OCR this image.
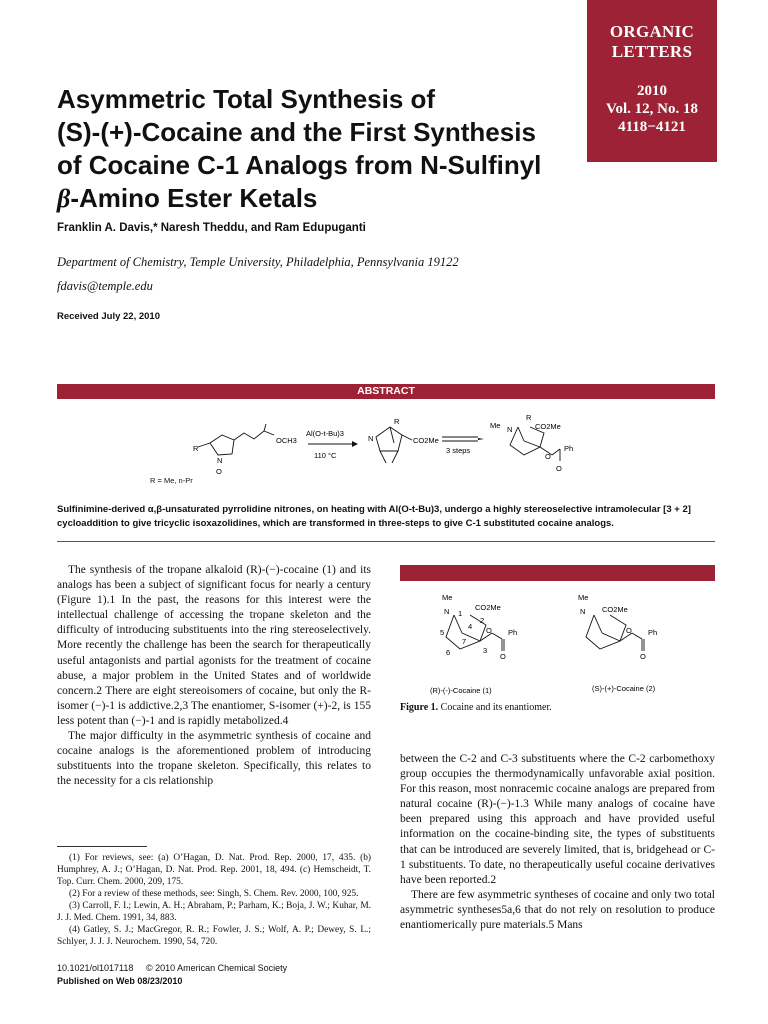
ORGANIC
LETTERS
2010
Vol. 12, No. 18
4118−4121
Asymmetric Total Synthesis of
(S)-(+)-Cocaine and the First Synthesis
of Cocaine C-1 Analogs from N-Sulfinyl
β-Amino Ester Ketals
Franklin A. Davis,* Naresh Theddu, and Ram Edupuganti
Department of Chemistry, Temple University, Philadelphia, Pennsylvania 19122
fdavis@temple.edu
Received July 22, 2010
ABSTRACT
R
N
O
OCH3
Al(O-t-Bu)3
110 °C
N
R
CO2Me
3 steps
Me N
R
CO2Me
O
Ph
O
R = Me, n-Pr
Sulfinimine-derived α,β-unsaturated pyrrolidine nitrones, on heating with Al(O-t-Bu)3, undergo a highly stereoselective intramolecular [3 + 2] cycloaddition to give tricyclic isoxazolidines, which are transformed in three-steps to give C-1 substituted cocaine analogs.

The synthesis of the tropane alkaloid (R)-(−)-cocaine (1) and its analogs has been a subject of significant focus for nearly a century (Figure 1).1 In the past, the reasons for this interest were the intellectual challenge of accessing the tropane skeleton and the difficulty of introducing substituents into the ring stereoselectively. More recently the challenge has been the search for therapeutically useful antagonists and partial agonists for the treatment of cocaine abuse, a major problem in the United States and of worldwide concern.2 There are eight stereoisomers of cocaine, but only the R-isomer (−)-1 is addictive.2,3 The enantiomer, S-isomer (+)-2, is 155 less potent than (−)-1 and is rapidly metabolized.4

The major difficulty in the asymmetric synthesis of cocaine and cocaine analogs is the aforementioned problem of introducing substituents into the tropane skeleton. Specifically, this relates to the necessity for a cis relationship

Me
N	CO2Me
1
2
4
5
7
6	3
O Ph
O
Me
N CO2Me
O Ph
O
(R)-(-)-Cocaine (1)	(S)-(+)-Cocaine (2)
Figure 1. Cocaine and its enantiomer.

between the C-2 and C-3 substituents where the C-2 carbomethoxy group occupies the thermodynamically unfavorable axial position. For this reason, most nonracemic cocaine analogs are prepared from natural cocaine (R)-(−)-1.3 While many analogs of cocaine have been prepared using this approach and have provided useful information on the cocaine-binding site, the types of substituents that can be introduced are severely limited, that is, bridgehead or C-1 substituents. To date, no therapeutically useful cocaine derivatives have been reported.2

There are few asymmetric syntheses of cocaine and only two total asymmetric syntheses5a,6 that do not rely on resolution to produce enantiomerically pure materials.5 Mans

(1) For reviews, see: (a) O’Hagan, D. Nat. Prod. Rep. 2000, 17, 435. (b) Humphrey, A. J.; O’Hagan, D. Nat. Prod. Rep. 2001, 18, 494. (c) Hemscheidt, T. Top. Curr. Chem. 2000, 209, 175.

(2) For a review of these methods, see: Singh, S. Chem. Rev. 2000, 100, 925.

(3) Carroll, F. I.; Lewin, A. H.; Abraham, P.; Parham, K.; Boja, J. W.; Kuhar, M. J. J. Med. Chem. 1991, 34, 883.

(4) Gatley, S. J.; MacGregor, R. R.; Fowler, J. S.; Wolf, A. P.; Dewey, S. L.; Schlyer, J. J. J. Neurochem. 1990, 54, 720.

10.1021/ol1017118 © 2010 American Chemical Society
Published on Web 08/23/2010
